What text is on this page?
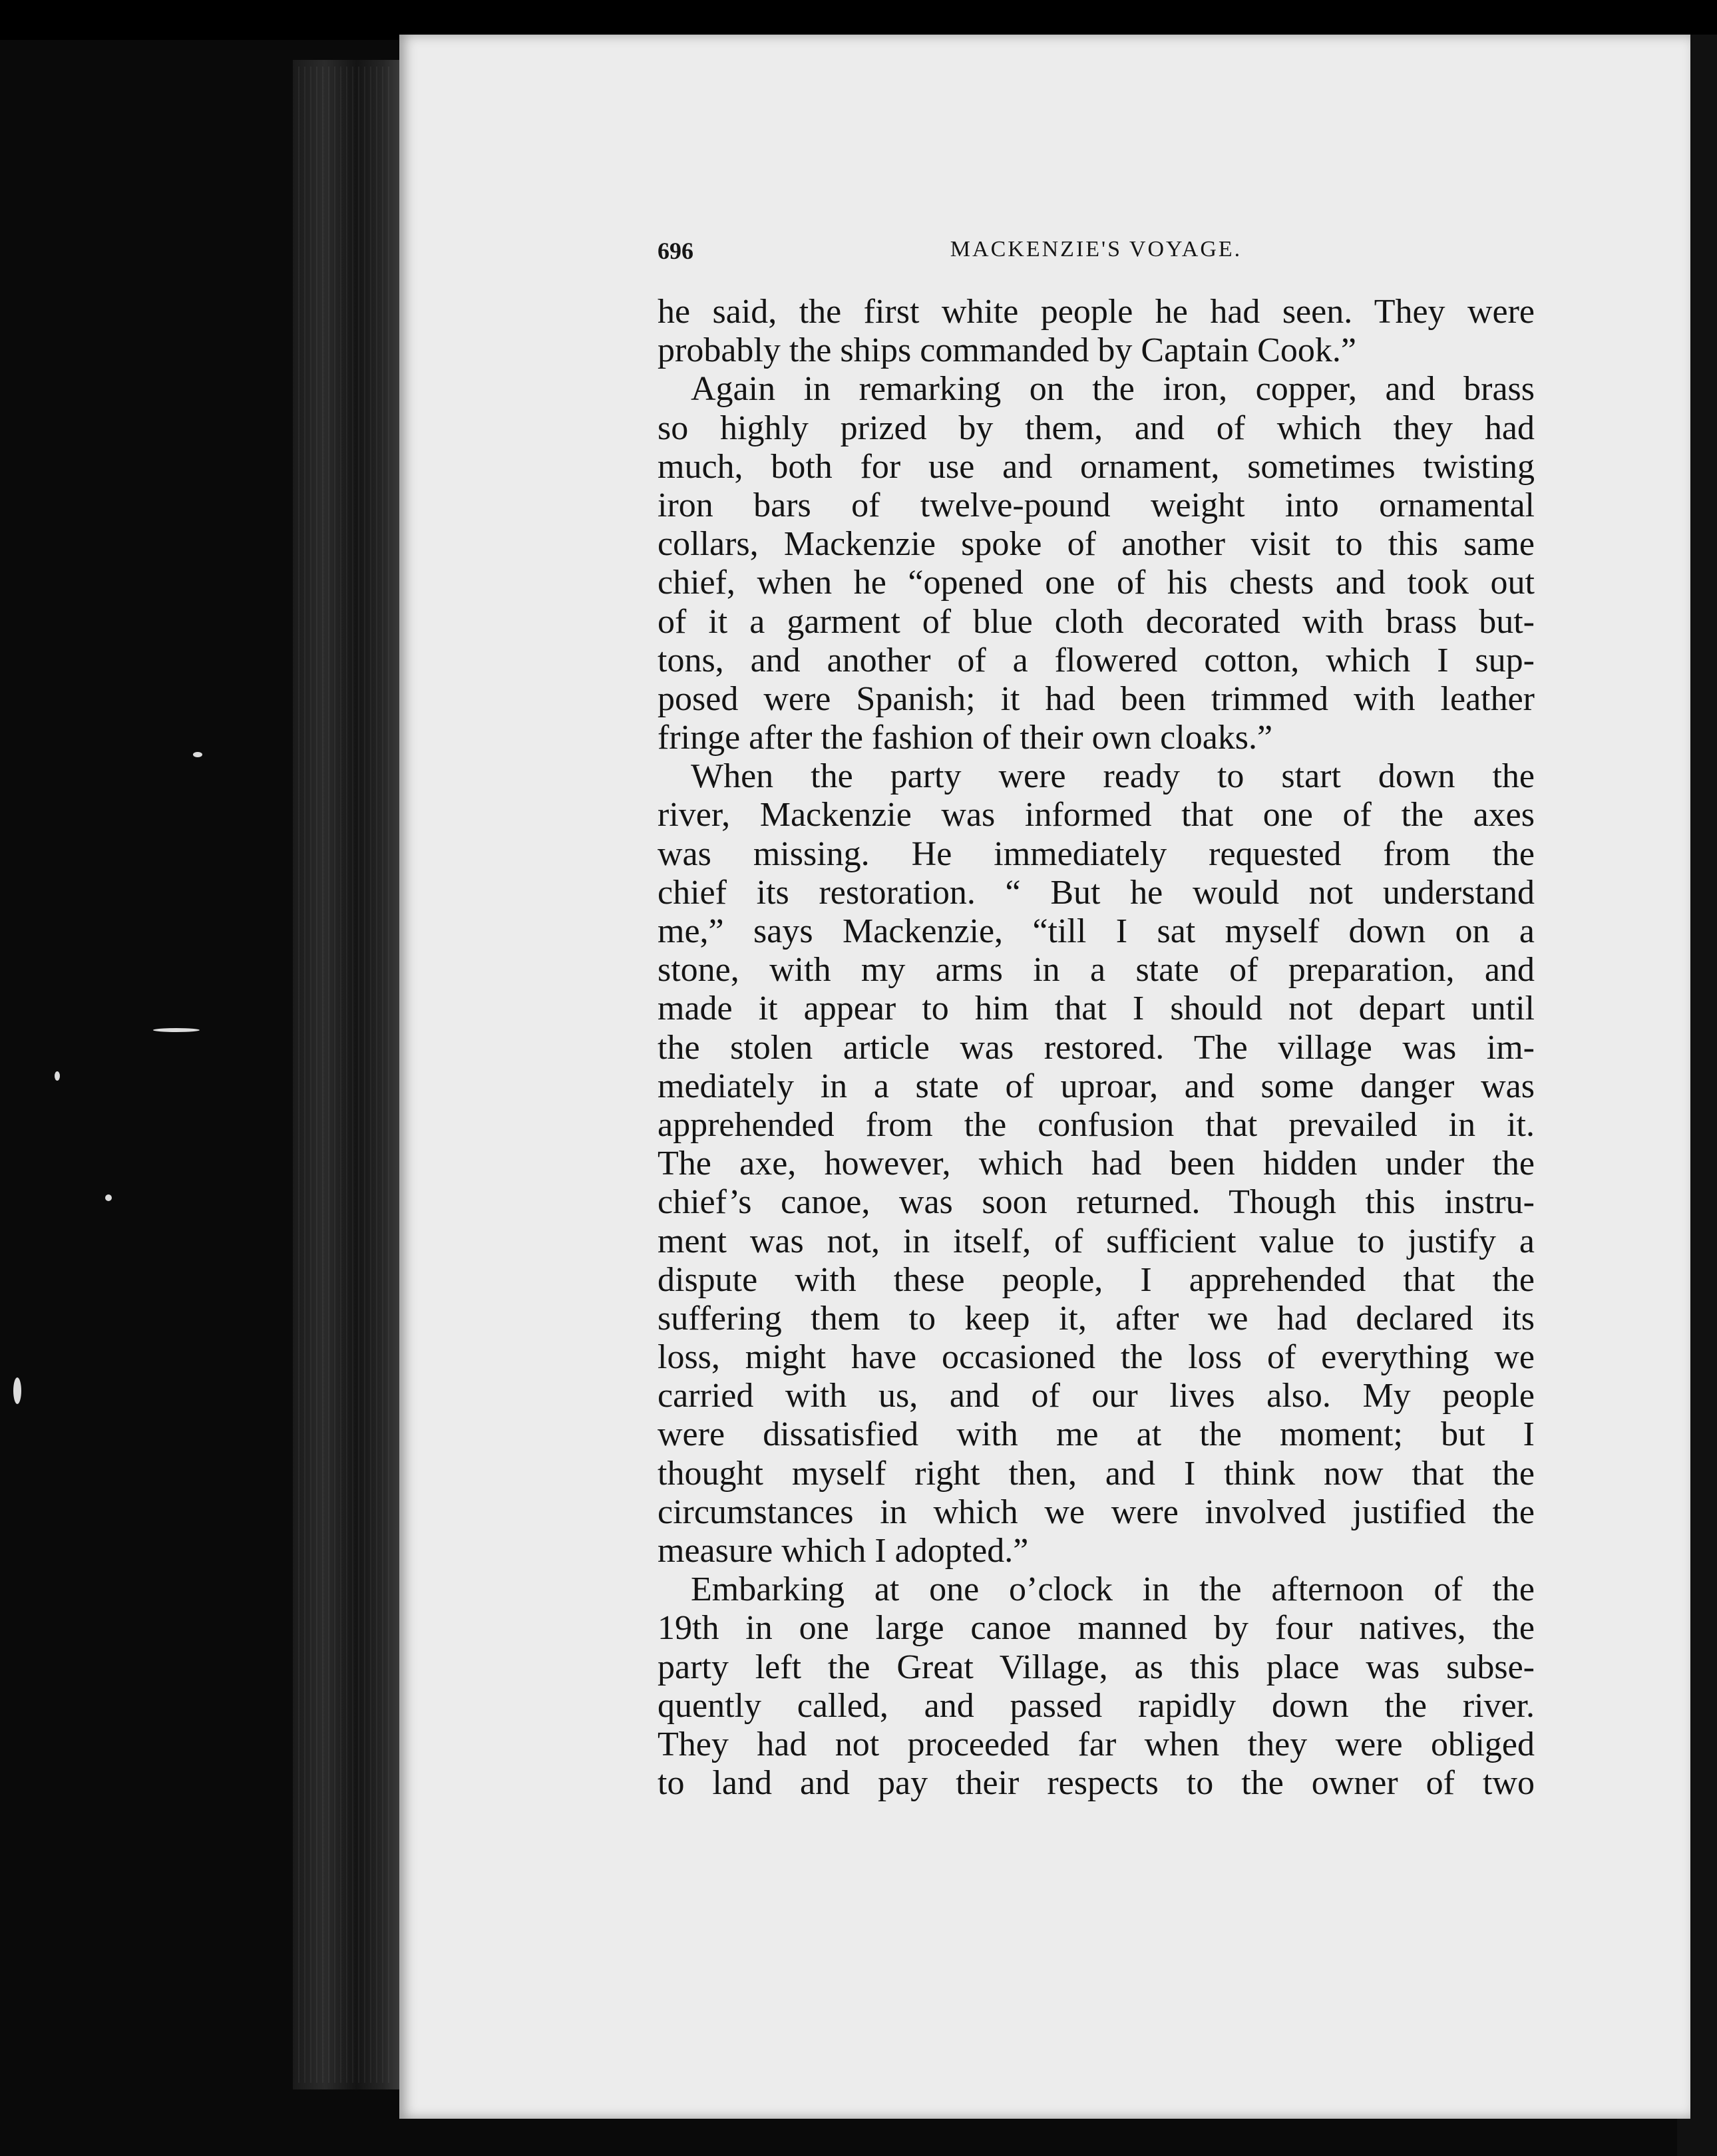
696	MACKENZIE'S VOYAGE.
he said, the first white people he had seen. They were
probably the ships commanded by Captain Cook.”
Again in remarking on the iron, copper, and brass
so highly prized by them, and of which they had
much, both for use and ornament, sometimes twisting
iron bars of twelve-pound weight into ornamental
collars, Mackenzie spoke of another visit to this same
chief, when he “opened one of his chests and took out
of it a garment of blue cloth decorated with brass but-
tons, and another of a flowered cotton, which I sup-
posed were Spanish; it had been trimmed with leather
fringe after the fashion of their own cloaks.”
When the party were ready to start down the
river, Mackenzie was informed that one of the axes
was missing. He immediately requested from the
chief its restoration. “ But he would not understand
me,” says Mackenzie, “till I sat myself down on a
stone, with my arms in a state of preparation, and
made it appear to him that I should not depart until
the stolen article was restored. The village was im-
mediately in a state of uproar, and some danger was
apprehended from the confusion that prevailed in it.
The axe, however, which had been hidden under the
chief’s canoe, was soon returned. Though this instru-
ment was not, in itself, of sufficient value to justify a
dispute with these people, I apprehended that the
suffering them to keep it, after we had declared its
loss, might have occasioned the loss of everything we
carried with us, and of our lives also. My people
were dissatisfied with me at the moment; but I
thought myself right then, and I think now that the
circumstances in which we were involved justified the
measure which I adopted.”
Embarking at one o’clock in the afternoon of the
19th in one large canoe manned by four natives, the
party left the Great Village, as this place was subse-
quently called, and passed rapidly down the river.
They had not proceeded far when they were obliged
to land and pay their respects to the owner of two
